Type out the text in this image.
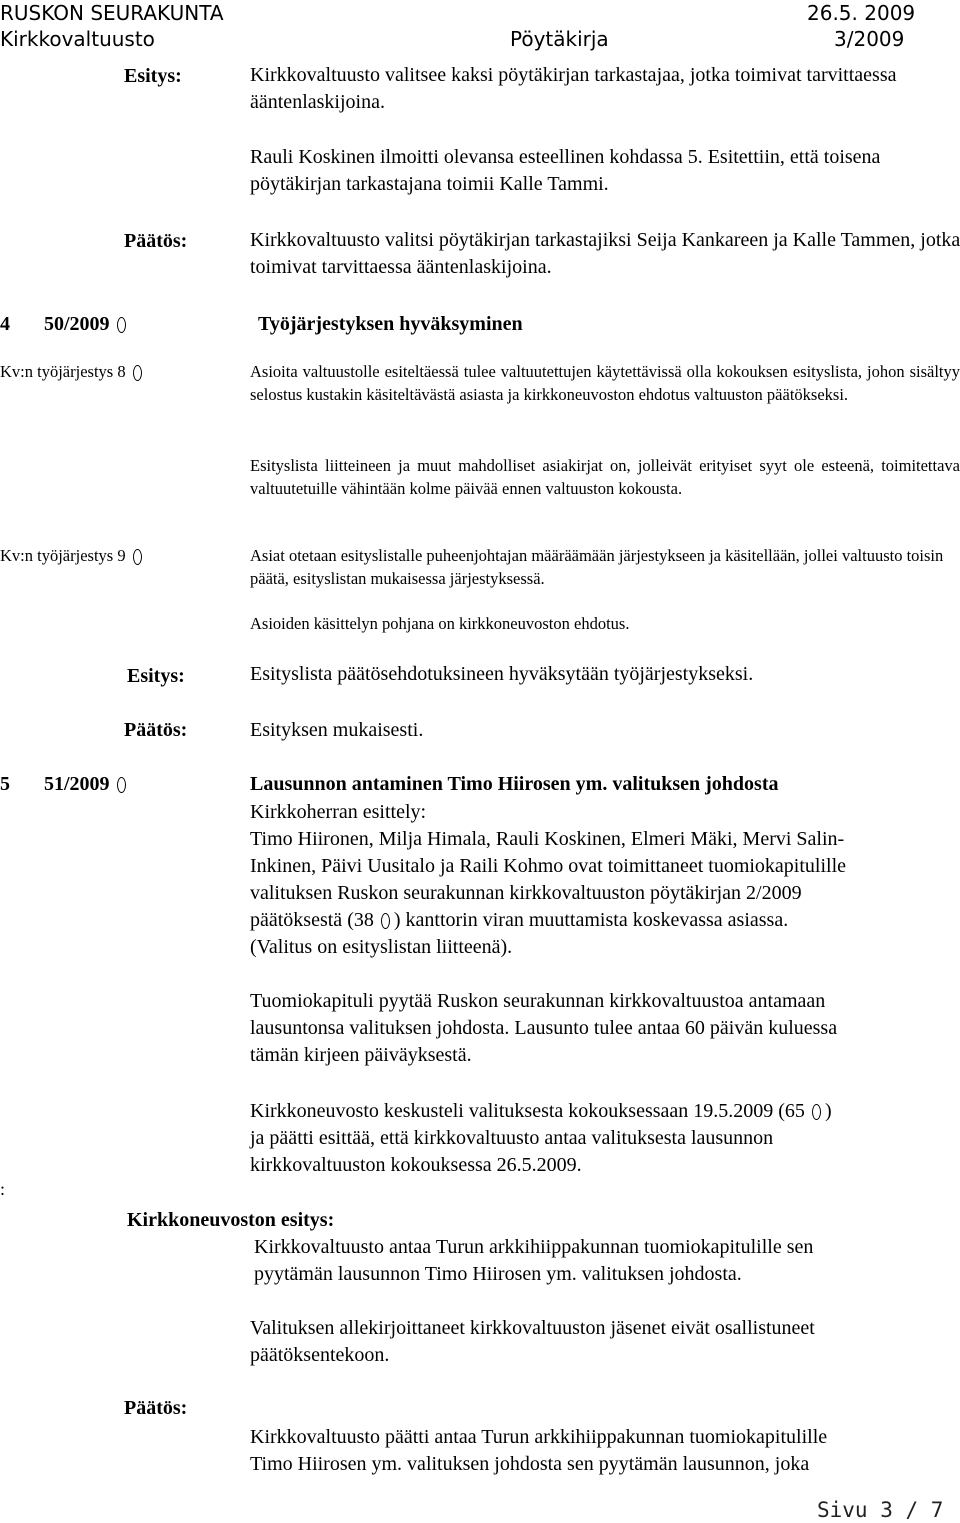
RUSKON SEURAKUNTA	26.5. 2009
Kirkkovaltuusto	Pöytäkirja	3/2009
Esitys:	Kirkkovaltuusto valitsee kaksi pöytäkirjan tarkastajaa, jotka toimivat tarvittaessa ääntenlaskijoina.
Rauli Koskinen ilmoitti olevansa esteellinen kohdassa 5. Esitettiin, että toisena pöytäkirjan tarkastajana toimii Kalle Tammi.
Päätös:	Kirkkovaltuusto valitsi pöytäkirjan tarkastajiksi Seija Kankareen ja Kalle Tammen, jotka toimivat tarvittaessa ääntenlaskijoina.
4 50/2009	Työjärjestyksen hyväksyminen
Kv:n työjärjestys 8	Asioita valtuustolle esiteltäessä tulee valtuutettujen käytettävissä olla kokouksen esityslista, johon sisältyy selostus kustakin käsiteltävästä asiasta ja kirkkoneuvoston ehdotus valtuuston päätökseksi.
Esityslista liitteineen ja muut mahdolliset asiakirjat on, jolleivät erityiset syyt ole esteenä, toimitettava valtuutetuille vähintään kolme päivää ennen valtuuston kokousta.
Kv:n työjärjestys 9	Asiat otetaan esityslistalle puheenjohtajan määräämään järjestykseen ja käsitellään, jollei valtuusto toisin päätä, esityslistan mukaisessa järjestyksessä.
Asioiden käsittelyn pohjana on kirkkoneuvoston ehdotus.
Esitys:	Esityslista päätösehdotuksineen hyväksytään työjärjestykseksi.
Päätös:	Esityksen mukaisesti.
5 51/2009	Lausunnon antaminen Timo Hiirosen ym. valituksen johdosta
Kirkkoherran esittely:
Timo Hiironen, Milja Himala, Rauli Koskinen, Elmeri Mäki, Mervi Salin-
Inkinen, Päivi Uusitalo ja Raili Kohmo ovat toimittaneet tuomiokapitulille
valituksen Ruskon seurakunnan kirkkovaltuuston pöytäkirjan 2/2009
päätöksestä (38 ) kanttorin viran muuttamista koskevassa asiassa.
(Valitus on esityslistan liitteenä).
Tuomiokapituli pyytää Ruskon seurakunnan kirkkovaltuustoa antamaan
lausuntonsa valituksen johdosta. Lausunto tulee antaa 60 päivän kuluessa
tämän kirjeen päiväyksestä.
Kirkkoneuvosto keskusteli valituksesta kokouksessaan 19.5.2009 (65 )
ja päätti esittää, että kirkkovaltuusto antaa valituksesta lausunnon
kirkkovaltuuston kokouksessa 26.5.2009.
:
Kirkkoneuvoston esitys:
Kirkkovaltuusto antaa Turun arkkihiippakunnan tuomiokapitulille sen
pyytämän lausunnon Timo Hiirosen ym. valituksen johdosta.
Valituksen allekirjoittaneet kirkkovaltuuston jäsenet eivät osallistuneet
päätöksentekoon.
Päätös:
Kirkkovaltuusto päätti antaa Turun arkkihiippakunnan tuomiokapitulille
Timo Hiirosen ym. valituksen johdosta sen pyytämän lausunnon, joka
Sivu 3 / 7
